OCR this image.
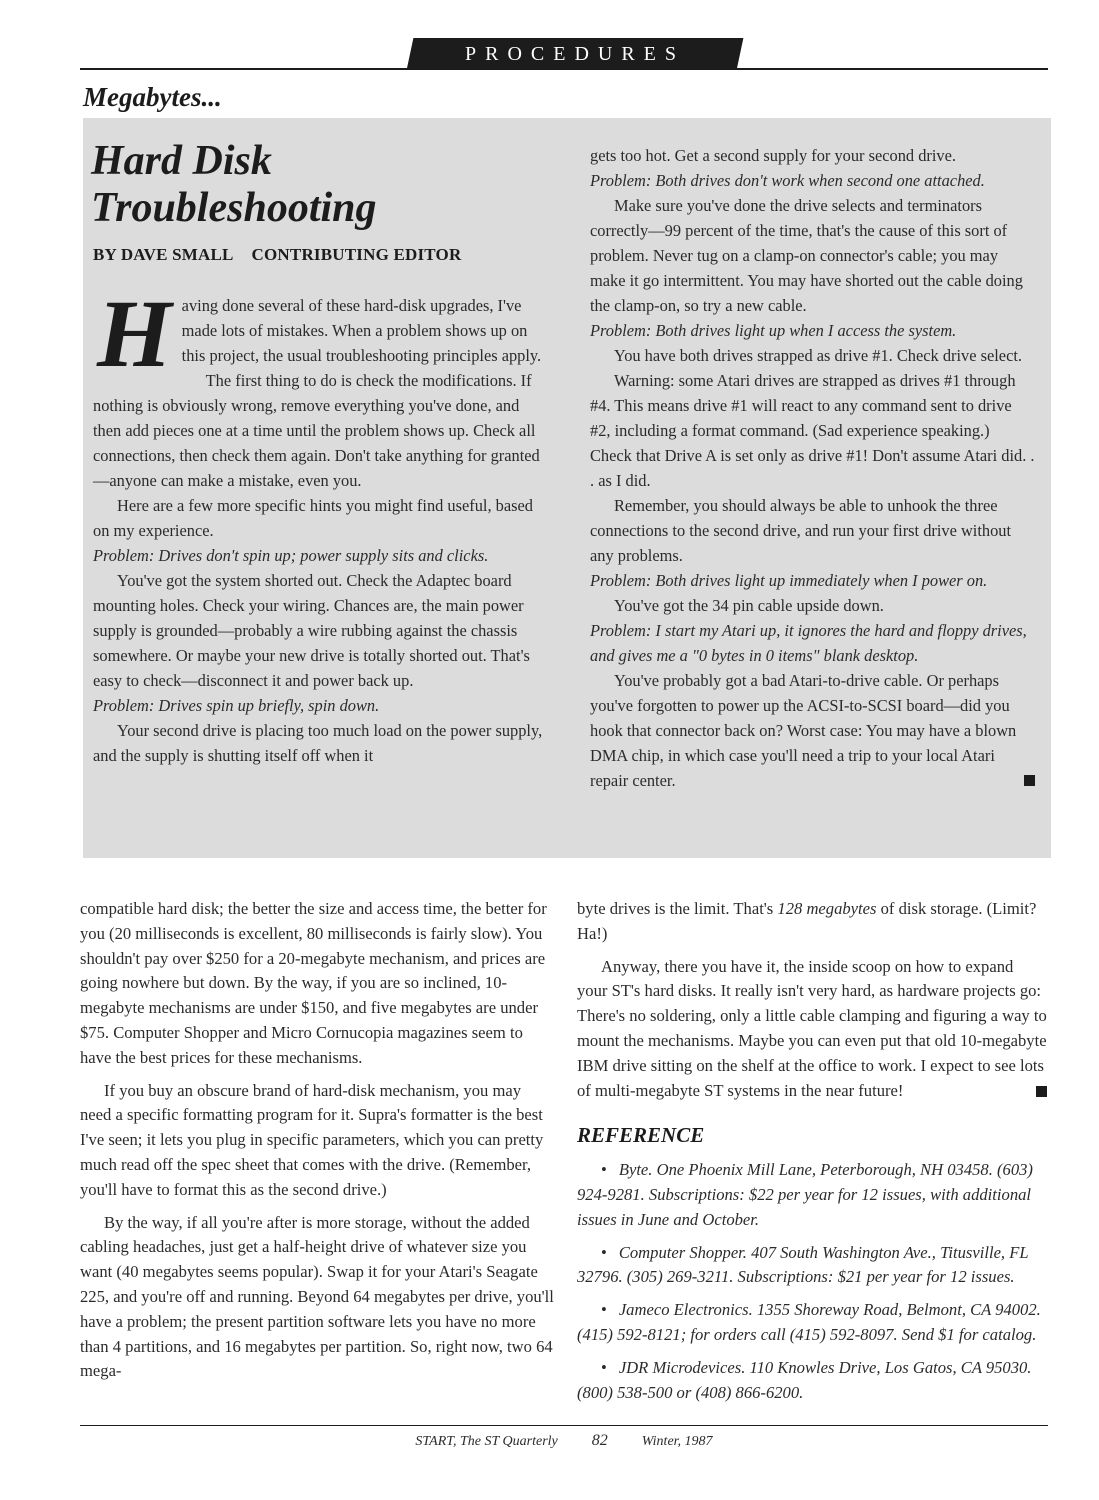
PROCEDURES
Megabytes...
Hard Disk
Troubleshooting
BY DAVE SMALL CONTRIBUTING EDITOR

Having done several of these hard-disk upgrades, I've made lots of mistakes. When a problem shows up on this project, the usual troubleshooting principles apply.

The first thing to do is check the modifications. If nothing is obviously wrong, remove everything you've done, and then add pieces one at a time until the problem shows up. Check all connections, then check them again. Don't take anything for granted—anyone can make a mistake, even you.

Here are a few more specific hints you might find useful, based on my experience.

Problem: Drives don't spin up; power supply sits and clicks.

You've got the system shorted out. Check the Adaptec board mounting holes. Check your wiring. Chances are, the main power supply is grounded—probably a wire rubbing against the chassis somewhere. Or maybe your new drive is totally shorted out. That's easy to check—disconnect it and power back up.

Problem: Drives spin up briefly, spin down.

Your second drive is placing too much load on the power supply, and the supply is shutting itself off when it

gets too hot. Get a second supply for your second drive.

Problem: Both drives don't work when second one attached.

Make sure you've done the drive selects and terminators correctly—99 percent of the time, that's the cause of this sort of problem. Never tug on a clamp-on connector's cable; you may make it go intermittent. You may have shorted out the cable doing the clamp-on, so try a new cable.

Problem: Both drives light up when I access the system.

You have both drives strapped as drive #1. Check drive select.

Warning: some Atari drives are strapped as drives #1 through #4. This means drive #1 will react to any command sent to drive #2, including a format command. (Sad experience speaking.) Check that Drive A is set only as drive #1! Don't assume Atari did. . . as I did.

Remember, you should always be able to unhook the three connections to the second drive, and run your first drive without any problems.

Problem: Both drives light up immediately when I power on.

You've got the 34 pin cable upside down.

Problem: I start my Atari up, it ignores the hard and floppy drives, and gives me a "0 bytes in 0 items" blank desktop.

You've probably got a bad Atari-to-drive cable. Or perhaps you've forgotten to power up the ACSI-to-SCSI board—did you hook that connector back on? Worst case: You may have a blown DMA chip, in which case you'll need a trip to your local Atari repair center.

compatible hard disk; the better the size and access time, the better for you (20 milliseconds is excellent, 80 milliseconds is fairly slow). You shouldn't pay over $250 for a 20-megabyte mechanism, and prices are going nowhere but down. By the way, if you are so inclined, 10-megabyte mechanisms are under $150, and five megabytes are under $75. Computer Shopper and Micro Cornucopia magazines seem to have the best prices for these mechanisms.

If you buy an obscure brand of hard-disk mechanism, you may need a specific formatting program for it. Supra's formatter is the best I've seen; it lets you plug in specific parameters, which you can pretty much read off the spec sheet that comes with the drive. (Remember, you'll have to format this as the second drive.)

By the way, if all you're after is more storage, without the added cabling headaches, just get a half-height drive of whatever size you want (40 megabytes seems popular). Swap it for your Atari's Seagate 225, and you're off and running. Beyond 64 megabytes per drive, you'll have a problem; the present partition software lets you have no more than 4 partitions, and 16 megabytes per partition. So, right now, two 64 mega-

byte drives is the limit. That's 128 megabytes of disk storage. (Limit? Ha!)

Anyway, there you have it, the inside scoop on how to expand your ST's hard disks. It really isn't very hard, as hardware projects go: There's no soldering, only a little cable clamping and figuring a way to mount the mechanisms. Maybe you can even put that old 10-megabyte IBM drive sitting on the shelf at the office to work. I expect to see lots of multi-megabyte ST systems in the near future!

REFERENCE

• Byte. One Phoenix Mill Lane, Peterborough, NH 03458. (603) 924-9281. Subscriptions: $22 per year for 12 issues, with additional issues in June and October.

• Computer Shopper. 407 South Washington Ave., Titusville, FL 32796. (305) 269-3211. Subscriptions: $21 per year for 12 issues.

• Jameco Electronics. 1355 Shoreway Road, Belmont, CA 94002. (415) 592-8121; for orders call (415) 592-8097. Send $1 for catalog.

• JDR Microdevices. 110 Knowles Drive, Los Gatos, CA 95030. (800) 538-500 or (408) 866-6200.

START, The ST Quarterly 82 Winter, 1987
